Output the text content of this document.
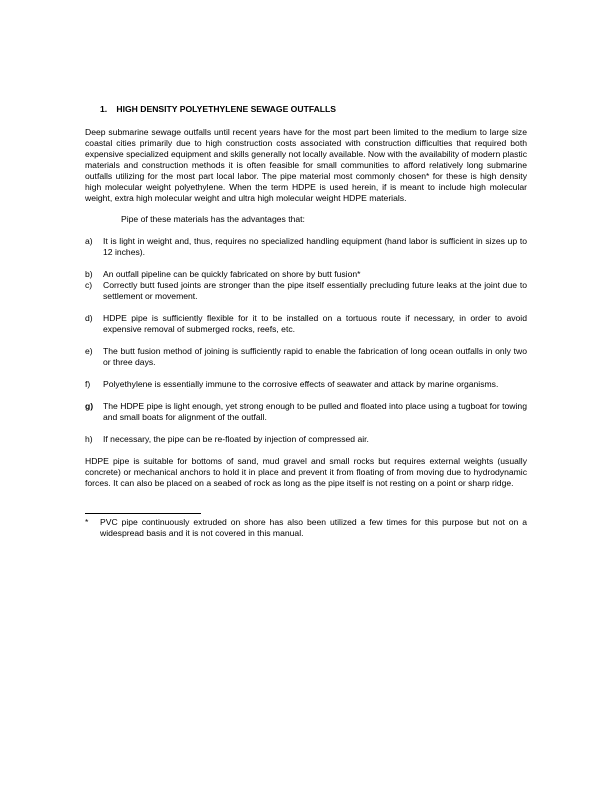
1. HIGH DENSITY POLYETHYLENE SEWAGE OUTFALLS

Deep submarine sewage outfalls until recent years have for the most part been limited to the medium to large size coastal cities primarily due to high construction costs associated with construction difficulties that required both expensive specialized equipment and skills generally not locally available. Now with the availability of modern plastic materials and construction methods it is often feasible for small communities to afford relatively long submarine outfalls utilizing for the most part local labor. The pipe material most commonly chosen* for these is high density high molecular weight polyethylene. When the term HDPE is used herein, if is meant to include high molecular weight, extra high molecular weight and ultra high molecular weight HDPE materials.

Pipe of these materials has the advantages that:

a)	It is light in weight and, thus, requires no specialized handling equipment (hand labor is sufficient in sizes up to 12 inches).
b)	An outfall pipeline can be quickly fabricated on shore by butt fusion*
c)	Correctly butt fused joints are stronger than the pipe itself essentially precluding future leaks at the joint due to settlement or movement.
d)	HDPE pipe is sufficiently flexible for it to be installed on a tortuous route if necessary, in order to avoid expensive removal of submerged rocks, reefs, etc.
e)	The butt fusion method of joining is sufficiently rapid to enable the fabrication of long ocean outfalls in only two or three days.
f)	Polyethylene is essentially immune to the corrosive effects of seawater and attack by marine organisms.
g)	The HDPE pipe is light enough, yet strong enough to be pulled and floated into place using a tugboat for towing and small boats for alignment of the outfall.
h)	If necessary, the pipe can be re-floated by injection of compressed air.

HDPE pipe is suitable for bottoms of sand, mud gravel and small rocks but requires external weights (usually concrete) or mechanical anchors to hold it in place and prevent it from floating of from moving due to hydrodynamic forces. It can also be placed on a seabed of rock as long as the pipe itself is not resting on a point or sharp ridge.

*	PVC pipe continuously extruded on shore has also been utilized a few times for this purpose but not on a widespread basis and it is not covered in this manual.
